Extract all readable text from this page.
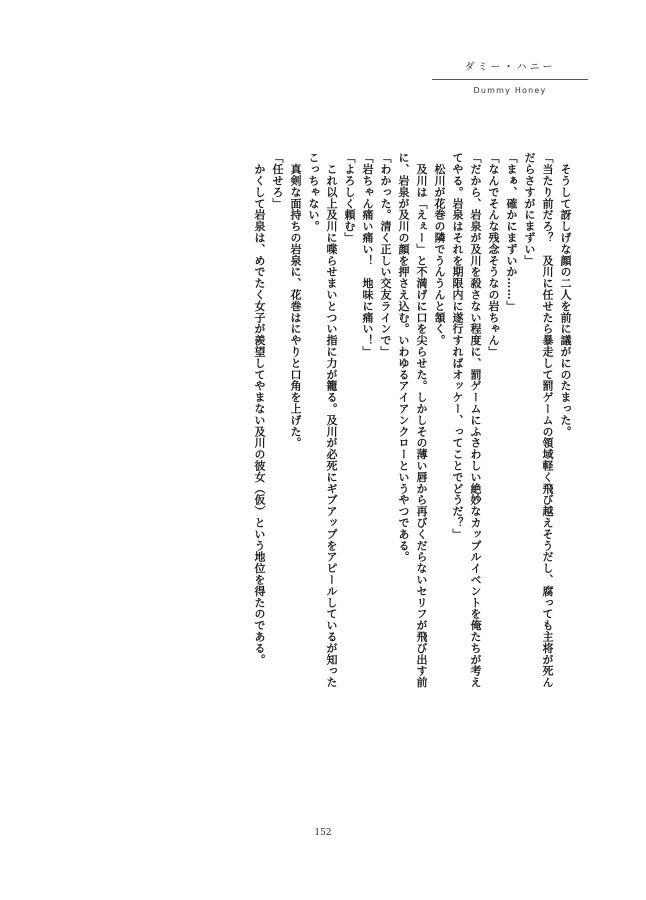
ダミー・ハニー
Dummy Honey

　そうして訝しげな顔の二人を前に議がにのたまった。

「当たり前だろ？　及川に任せたら暴走して罰ゲームの領域軽く飛び越えそうだし、腐っても主将が死んだらさすがにまずい」

「まぁ、確かにまずいか……」

「なんでそんな残念そうなの岩ちゃん」

「だから、岩泉が及川を殺さない程度に、罰ゲームにふさわしい絶妙なカップルイベントを俺たちが考えてやる。岩泉はそれを期限内に遂行すればオッケー、ってことでどうだ？」

　松川が花巻の隣でうんうんと頷く。

　及川は「えぇー」と不満げに口を尖らせた。しかしその薄い唇から再びくだらないセリフが飛び出す前に、岩泉が及川の顔を押さえ込む。いわゆるアイアンクローというやつである。

「わかった。清く正しい交友ラインで」

「岩ちゃん痛い痛い！　地味に痛い！」

「よろしく頼む」

　これ以上及川に喋らせまいとつい指に力が籠る。及川が必死にギブアップをアピールしているが知ったこっちゃない。

　真剣な面持ちの岩泉に、花巻はにやりと口角を上げた。

「任せろ」

　かくして岩泉は、めでたく女子が羨望してやまない及川の彼女（仮）という地位を得たのである。

152
